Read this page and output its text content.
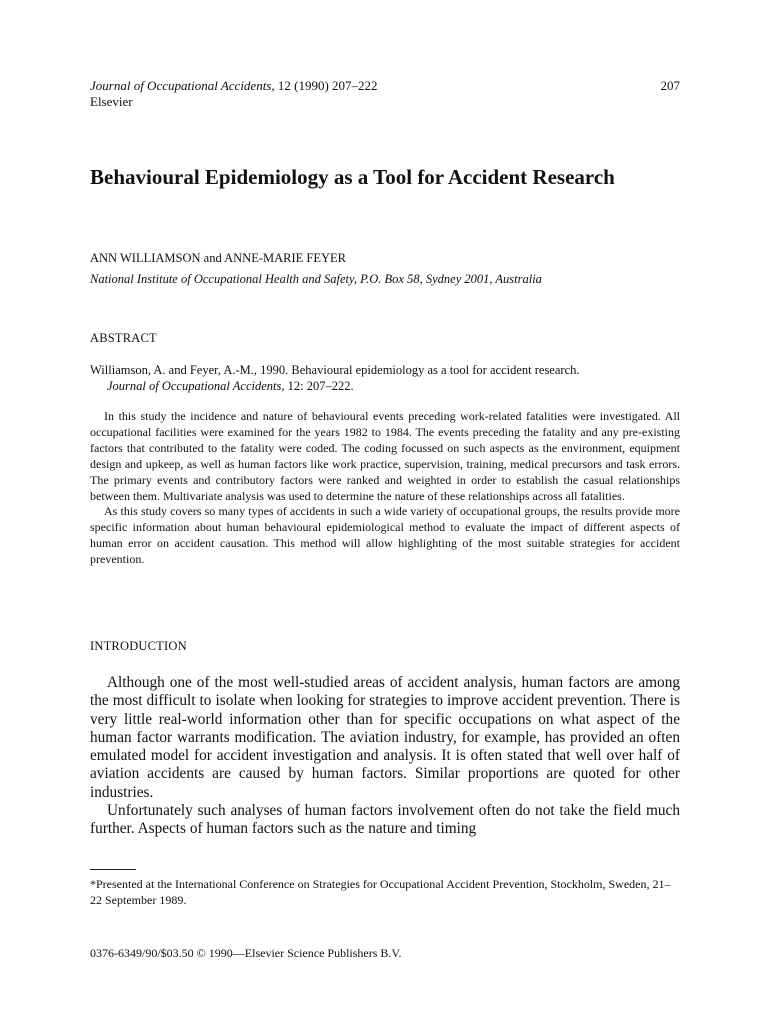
Journal of Occupational Accidents, 12 (1990) 207–222
Elsevier
207
Behavioural Epidemiology as a Tool for Accident Research
ANN WILLIAMSON and ANNE-MARIE FEYER
National Institute of Occupational Health and Safety, P.O. Box 58, Sydney 2001, Australia
ABSTRACT
Williamson, A. and Feyer, A.-M., 1990. Behavioural epidemiology as a tool for accident research.
Journal of Occupational Accidents, 12: 207–222.

In this study the incidence and nature of behavioural events preceding work-related fatalities were investigated. All occupational facilities were examined for the years 1982 to 1984. The events preceding the fatality and any pre-existing factors that contributed to the fatality were coded. The coding focussed on such aspects as the environment, equipment design and upkeep, as well as human factors like work practice, supervision, training, medical precursors and task errors. The primary events and contributory factors were ranked and weighted in order to establish the casual relationships between them. Multivariate analysis was used to determine the nature of these relationships across all fatalities.

As this study covers so many types of accidents in such a wide variety of occupational groups, the results provide more specific information about human behavioural epidemiological method to evaluate the impact of different aspects of human error on accident causation. This method will allow highlighting of the most suitable strategies for accident prevention.

INTRODUCTION

Although one of the most well-studied areas of accident analysis, human factors are among the most difficult to isolate when looking for strategies to improve accident prevention. There is very little real-world information other than for specific occupations on what aspect of the human factor warrants modification. The aviation industry, for example, has provided an often emulated model for accident investigation and analysis. It is often stated that well over half of aviation accidents are caused by human factors. Similar proportions are quoted for other industries.

Unfortunately such analyses of human factors involvement often do not take the field much further. Aspects of human factors such as the nature and timing

*Presented at the International Conference on Strategies for Occupational Accident Prevention, Stockholm, Sweden, 21–22 September 1989.
0376-6349/90/$03.50 © 1990—Elsevier Science Publishers B.V.
